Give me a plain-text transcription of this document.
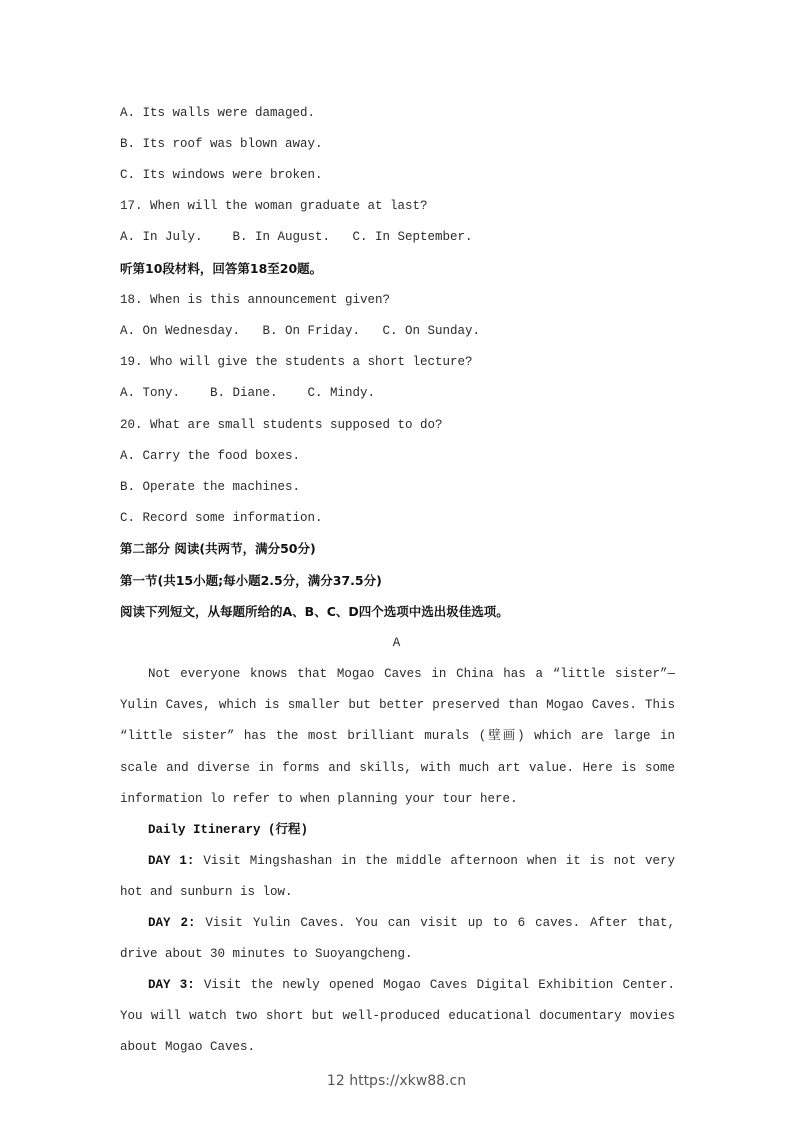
A. Its walls were damaged.
B. Its roof was blown away.
C. Its windows were broken.
17. When will the woman graduate at last?
A. In July.    B. In August.   C. In September.
听第10段材料，回答第18至20题。
18. When is this announcement given?
A. On Wednesday.   B. On Friday.   C. On Sunday.
19. Who will give the students a short lecture?
A. Tony.    B. Diane.    C. Mindy.
20. What are small students supposed to do?
A. Carry the food boxes.
B. Operate the machines.
C. Record some information.
第二部分 阅读(共两节，满分50分)
第一节(共15小题;每小题2.5分，满分37.5分)
阅读下列短文，从每题所给的A、B、C、D四个选项中选出圾佳选项。
A
Not everyone knows that Mogao Caves in China has a “little sister”—Yulin Caves, which is smaller but better preserved than Mogao Caves. This “little sister” has the most brilliant murals (壁画) which are large in scale and diverse in forms and skills, with much art value. Here is some information lo refer to when planning your tour here.
Daily Itinerary (行程)
DAY 1: Visit Mingshashan in the middle afternoon when it is not very hot and sunburn is low.
DAY 2: Visit Yulin Caves. You can visit up to 6 caves. After that, drive about 30 minutes to Suoyangcheng.
DAY 3: Visit the newly opened Mogao Caves Digital Exhibition Center. You will watch two short but well-produced educational documentary movies about Mogao Caves.
12 https://xkw88.cn
